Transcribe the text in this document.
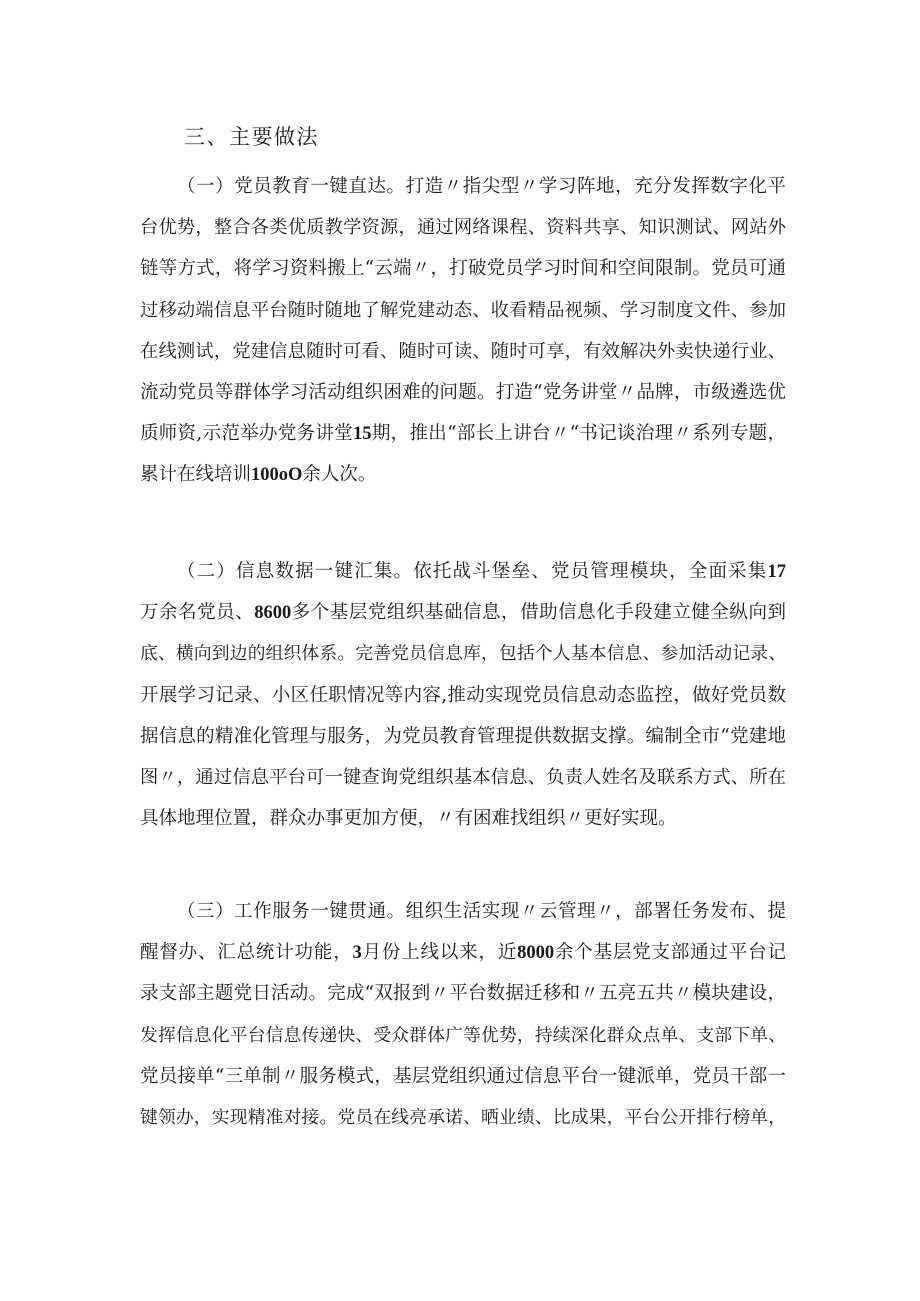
三、主要做法
（一）党员教育一键直达。打造〃指尖型〃学习阵地，充分发挥数字化平
台优势，整合各类优质教学资源，通过网络课程、资料共享、知识测试、网站外
链等方式，将学习资料搬上“云端〃，打破党员学习时间和空间限制。党员可通
过移动端信息平台随时随地了解党建动态、收看精品视频、学习制度文件、参加
在线测试，党建信息随时可看、随时可读、随时可享，有效解决外卖快递行业、
流动党员等群体学习活动组织困难的问题。打造“党务讲堂〃品牌，市级遴选优
质师资,示范举办党务讲堂15期，推出“部长上讲台〃“书记谈治理〃系列专题，
累计在线培训100oO余人次。
（二）信息数据一键汇集。依托战斗堡垒、党员管理模块，全面采集17
万余名党员、8600多个基层党组织基础信息，借助信息化手段建立健全纵向到
底、横向到边的组织体系。完善党员信息库，包括个人基本信息、参加活动记录、
开展学习记录、小区任职情况等内容,推动实现党员信息动态监控，做好党员数
据信息的精准化管理与服务，为党员教育管理提供数据支撑。编制全市“党建地
图〃，通过信息平台可一键查询党组织基本信息、负责人姓名及联系方式、所在
具体地理位置，群众办事更加方便，〃有困难找组织〃更好实现。
（三）工作服务一键贯通。组织生活实现〃云管理〃，部署任务发布、提
醒督办、汇总统计功能，3月份上线以来，近8000余个基层党支部通过平台记
录支部主题党日活动。完成“双报到〃平台数据迁移和〃五亮五共〃模块建设，
发挥信息化平台信息传递快、受众群体广等优势，持续深化群众点单、支部下单、
党员接单“三单制〃服务模式，基层党组织通过信息平台一键派单，党员干部一
键领办，实现精准对接。党员在线亮承诺、晒业绩、比成果，平台公开排行榜单，
